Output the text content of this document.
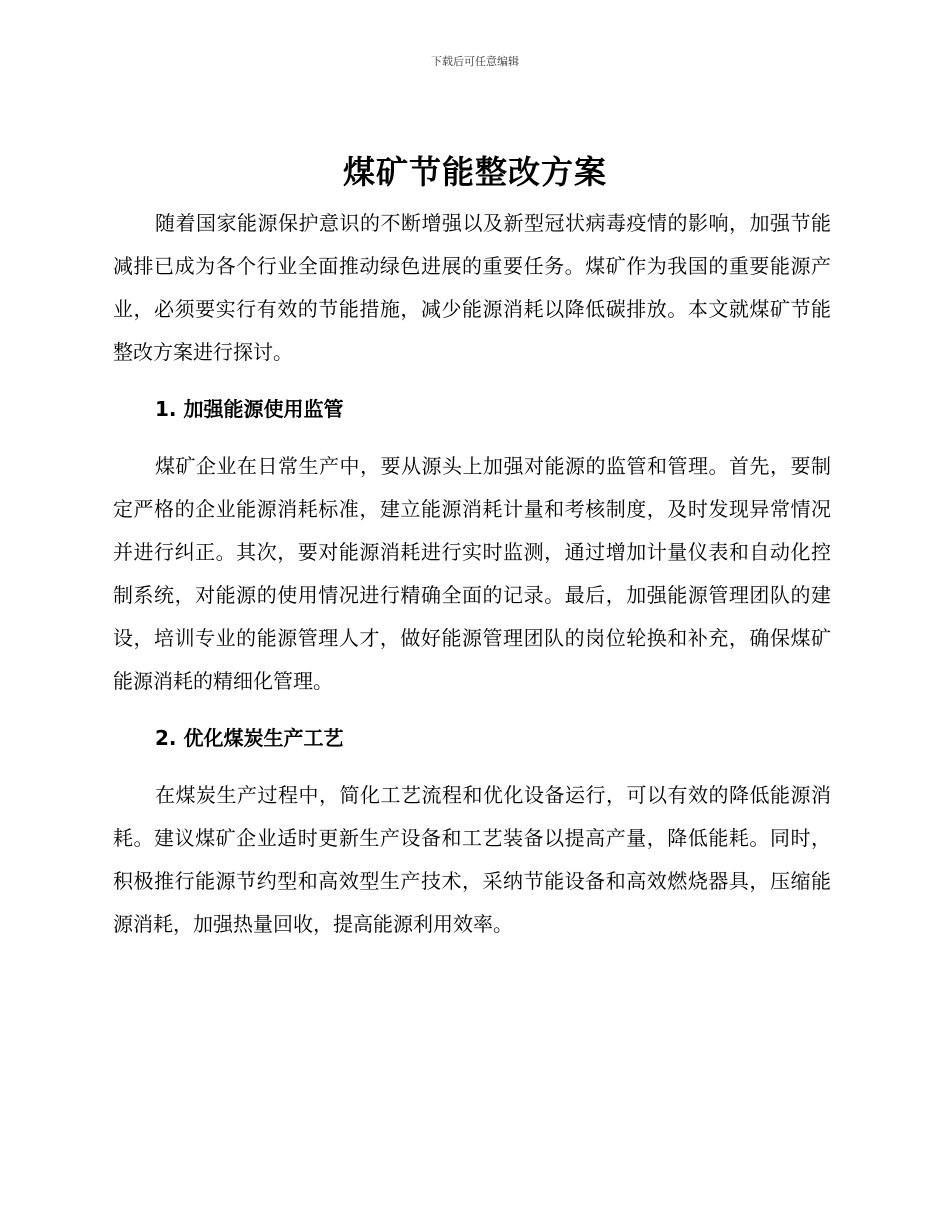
下载后可任意编辑
煤矿节能整改方案

随着国家能源保护意识的不断增强以及新型冠状病毒疫情的影响，加强节能减排已成为各个行业全面推动绿色进展的重要任务。煤矿作为我国的重要能源产业，必须要实行有效的节能措施，减少能源消耗以降低碳排放。本文就煤矿节能整改方案进行探讨。

1. 加强能源使用监管

煤矿企业在日常生产中，要从源头上加强对能源的监管和管理。首先，要制定严格的企业能源消耗标准，建立能源消耗计量和考核制度，及时发现异常情况并进行纠正。其次，要对能源消耗进行实时监测，通过增加计量仪表和自动化控制系统，对能源的使用情况进行精确全面的记录。最后，加强能源管理团队的建设，培训专业的能源管理人才，做好能源管理团队的岗位轮换和补充，确保煤矿能源消耗的精细化管理。

2. 优化煤炭生产工艺

在煤炭生产过程中，简化工艺流程和优化设备运行，可以有效的降低能源消耗。建议煤矿企业适时更新生产设备和工艺装备以提高产量，降低能耗。同时，积极推行能源节约型和高效型生产技术，采纳节能设备和高效燃烧器具，压缩能源消耗，加强热量回收，提高能源利用效率。
